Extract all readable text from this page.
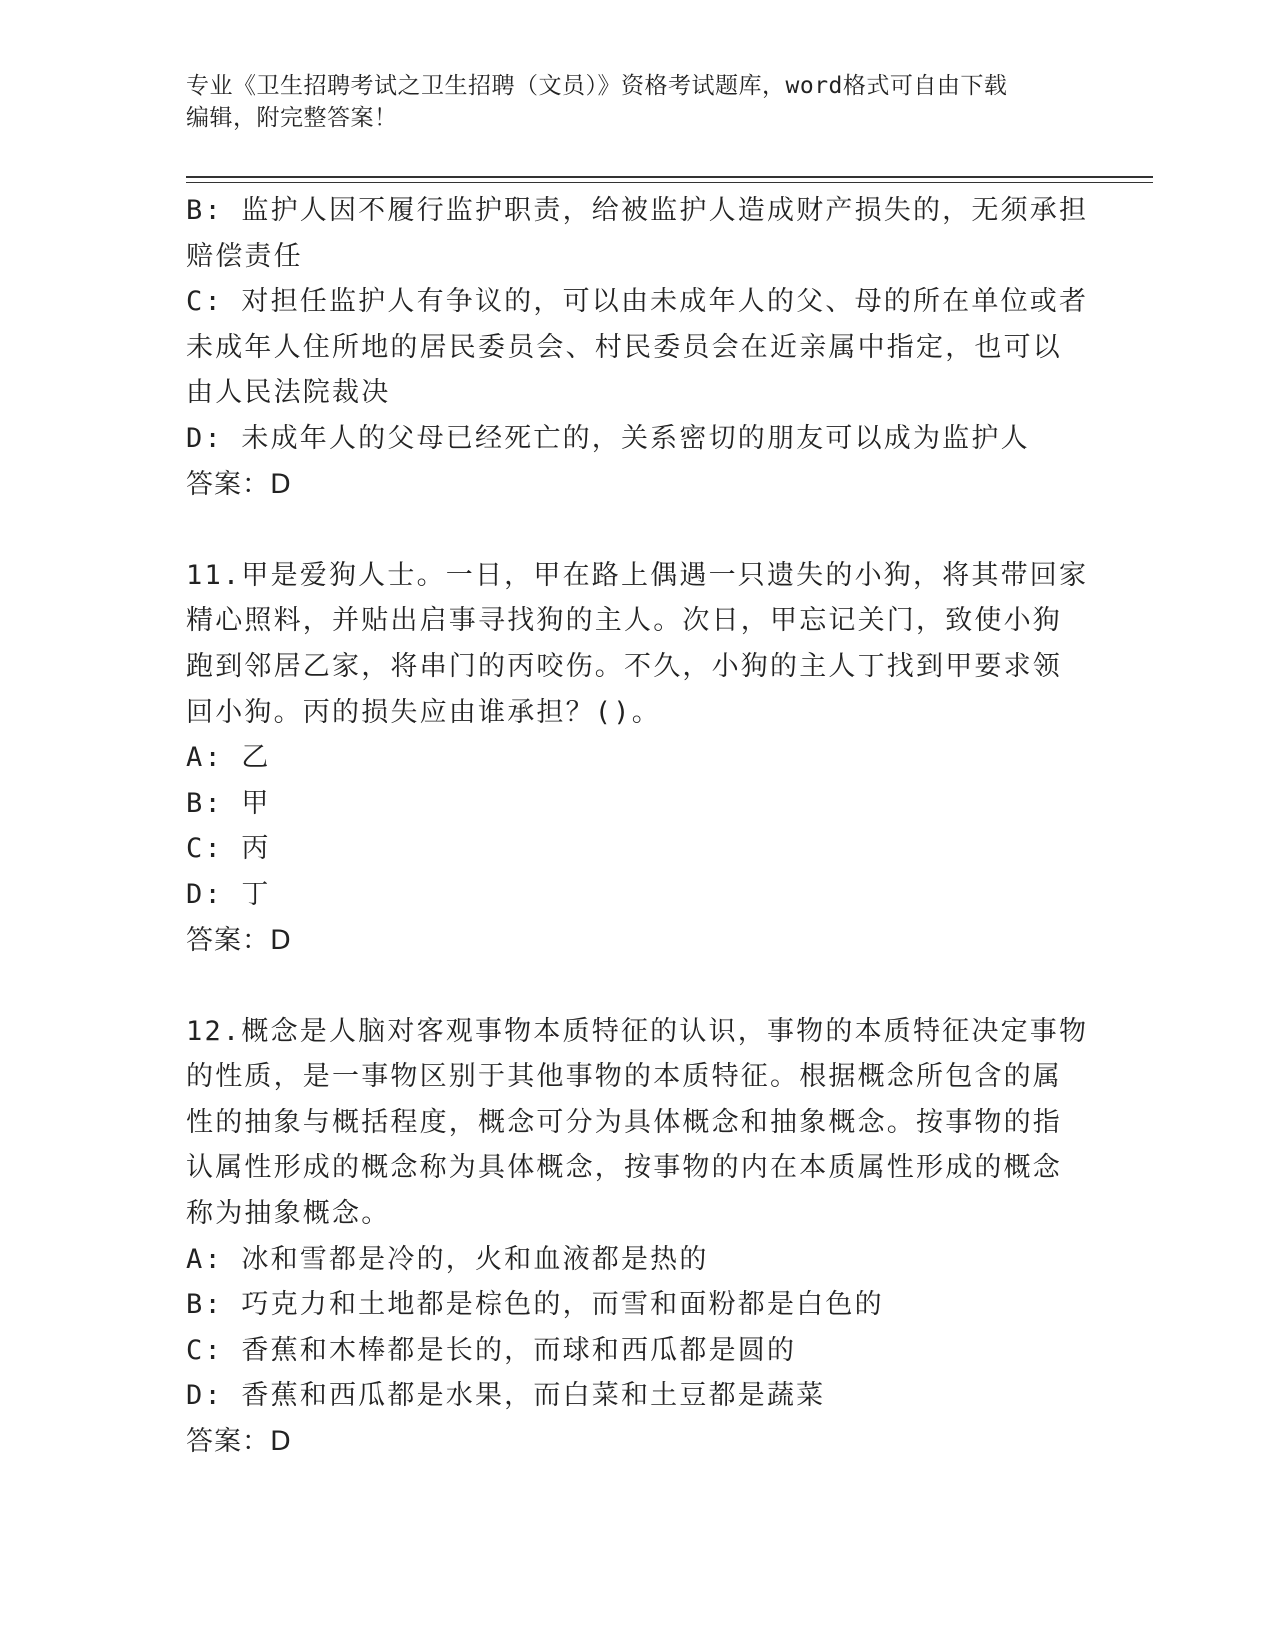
专业《卫生招聘考试之卫生招聘（文员）》资格考试题库，word格式可自由下载
编辑，附完整答案！
B: 监护人因不履行监护职责，给被监护人造成财产损失的，无须承担
赔偿责任
C: 对担任监护人有争议的，可以由未成年人的父、母的所在单位或者
未成年人住所地的居民委员会、村民委员会在近亲属中指定，也可以
由人民法院裁决
D: 未成年人的父母已经死亡的，关系密切的朋友可以成为监护人
答案：D
11.甲是爱狗人士。一日，甲在路上偶遇一只遗失的小狗，将其带回家
精心照料，并贴出启事寻找狗的主人。次日，甲忘记关门，致使小狗
跑到邻居乙家，将串门的丙咬伤。不久，小狗的主人丁找到甲要求领
回小狗。丙的损失应由谁承担？()。
A: 乙
B: 甲
C: 丙
D: 丁
答案：D
12.概念是人脑对客观事物本质特征的认识，事物的本质特征决定事物
的性质，是一事物区别于其他事物的本质特征。根据概念所包含的属
性的抽象与概括程度，概念可分为具体概念和抽象概念。按事物的指
认属性形成的概念称为具体概念，按事物的内在本质属性形成的概念
称为抽象概念。
A: 冰和雪都是冷的，火和血液都是热的
B: 巧克力和土地都是棕色的，而雪和面粉都是白色的
C: 香蕉和木棒都是长的，而球和西瓜都是圆的
D: 香蕉和西瓜都是水果，而白菜和土豆都是蔬菜
答案：D
